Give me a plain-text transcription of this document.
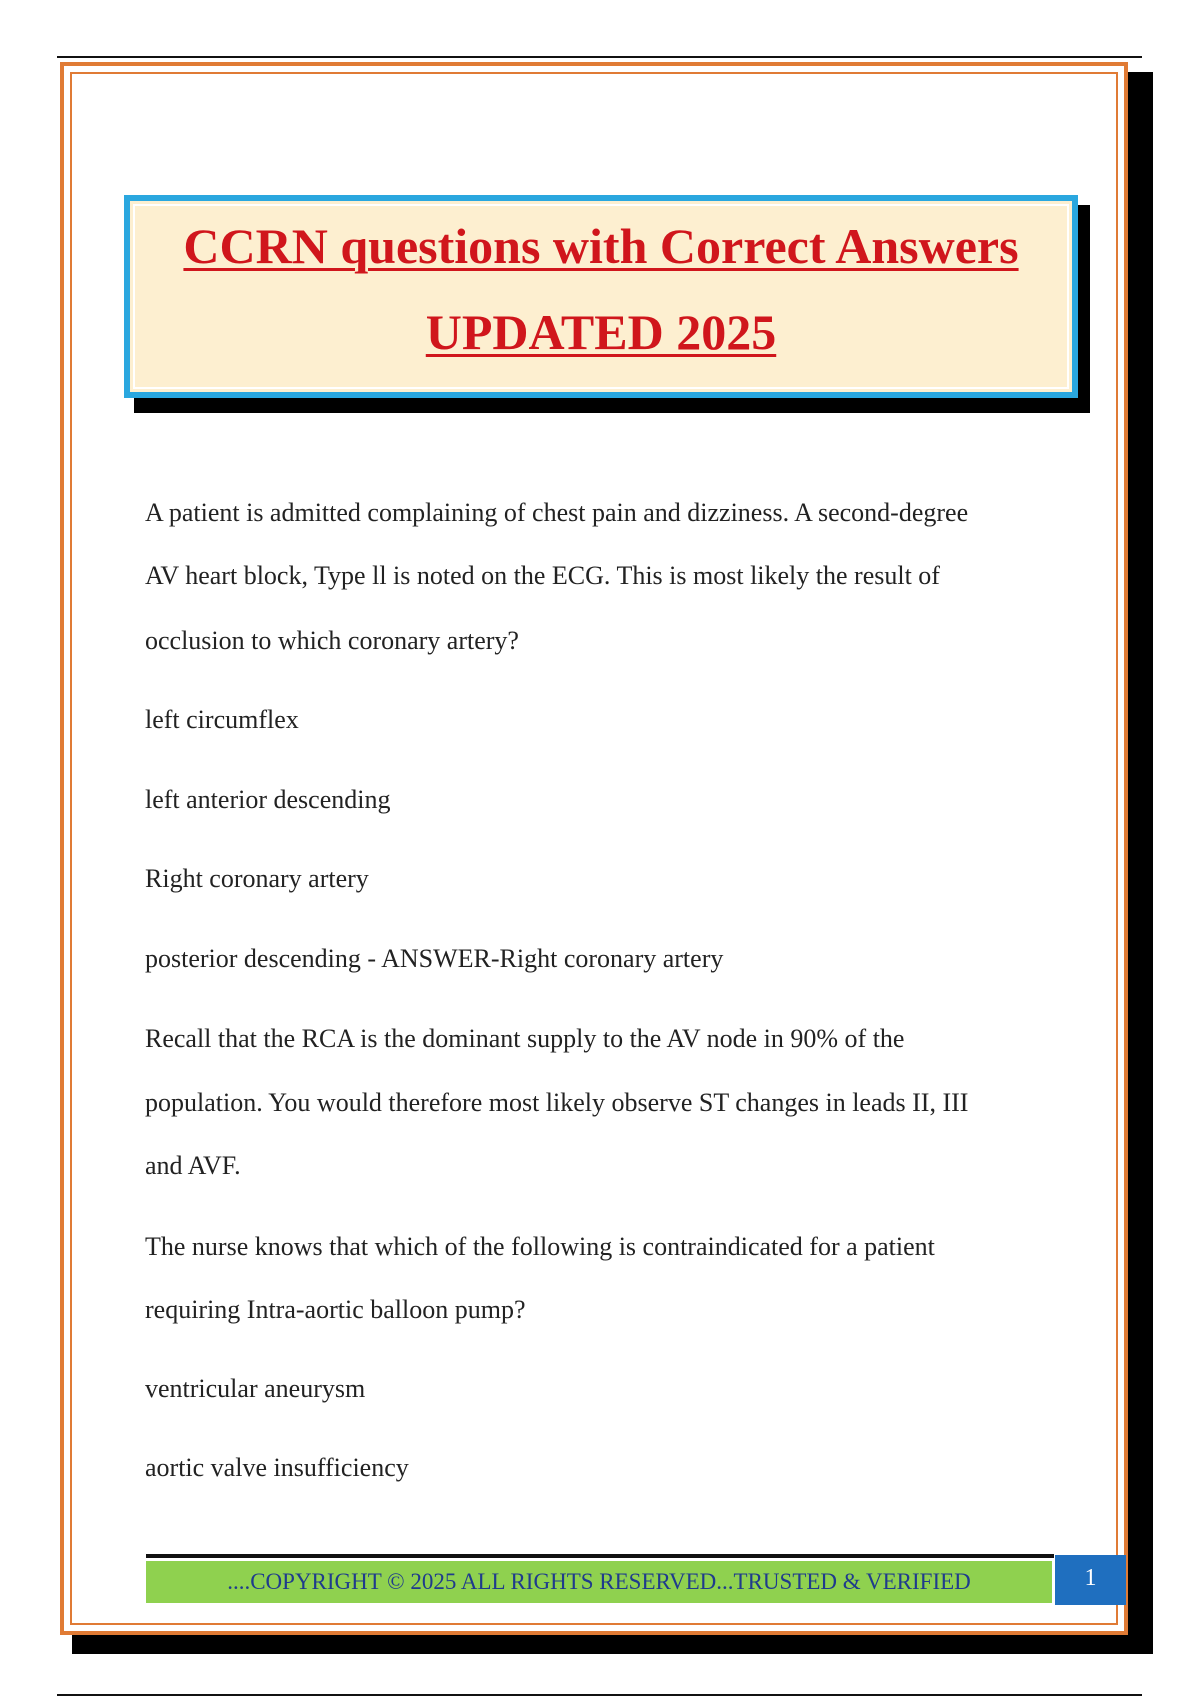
CCRN questions with Correct Answers
UPDATED 2025
A patient is admitted complaining of chest pain and dizziness. A second-degree
AV heart block, Type ll is noted on the ECG. This is most likely the result of
occlusion to which coronary artery?
left circumflex
left anterior descending
Right coronary artery
posterior descending - ANSWER-Right coronary artery
Recall that the RCA is the dominant supply to the AV node in 90% of the
population. You would therefore most likely observe ST changes in leads II, III
and AVF.
The nurse knows that which of the following is contraindicated for a patient
requiring Intra-aortic balloon pump?
ventricular aneurysm
aortic valve insufficiency
....COPYRIGHT © 2025 ALL RIGHTS RESERVED...TRUSTED & VERIFIED	1
